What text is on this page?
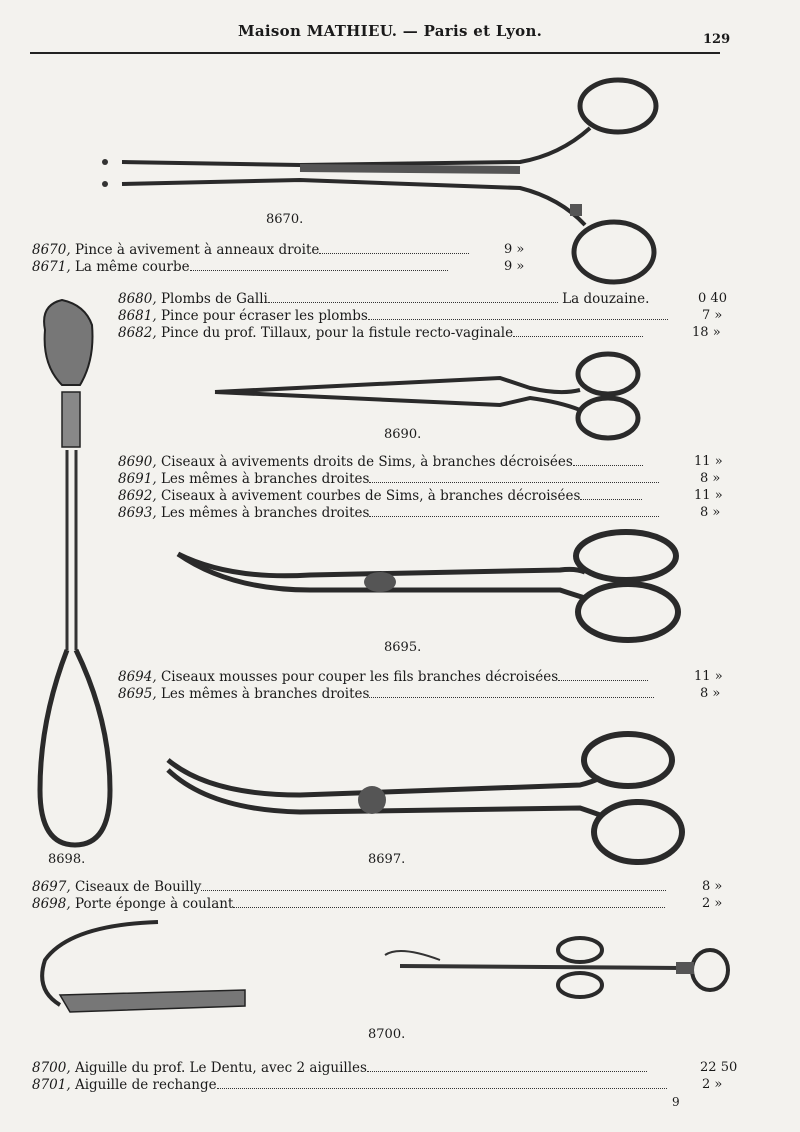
Maison MATHIEU. — Paris et Lyon.	129
8670.
8698.
8690.
8695.
8697.
8700.
8670, Pince à avivement à anneaux droite	9 »
8671, La même courbe	9 »
8680, Plombs de Galli	La douzaine.	0 40
8681, Pince pour écraser les plombs	7 »
8682, Pince du prof. Tillaux, pour la fistule recto-vaginale	18 »
8690, Ciseaux à avivements droits de Sims, à branches décroisées	11 »
8691, Les mêmes à branches droites	8 »
8692, Ciseaux à avivement courbes de Sims, à branches décroisées	11 »
8693, Les mêmes à branches droites	8 »
8694, Ciseaux mousses pour couper les fils branches décroisées	11 »
8695, Les mêmes à branches droites	8 »
8697, Ciseaux de Bouilly	8 »
8698, Porte éponge à coulant	2 »
8700, Aiguille du prof. Le Dentu, avec 2 aiguilles	22 50
8701, Aiguille de rechange	2 »
9
